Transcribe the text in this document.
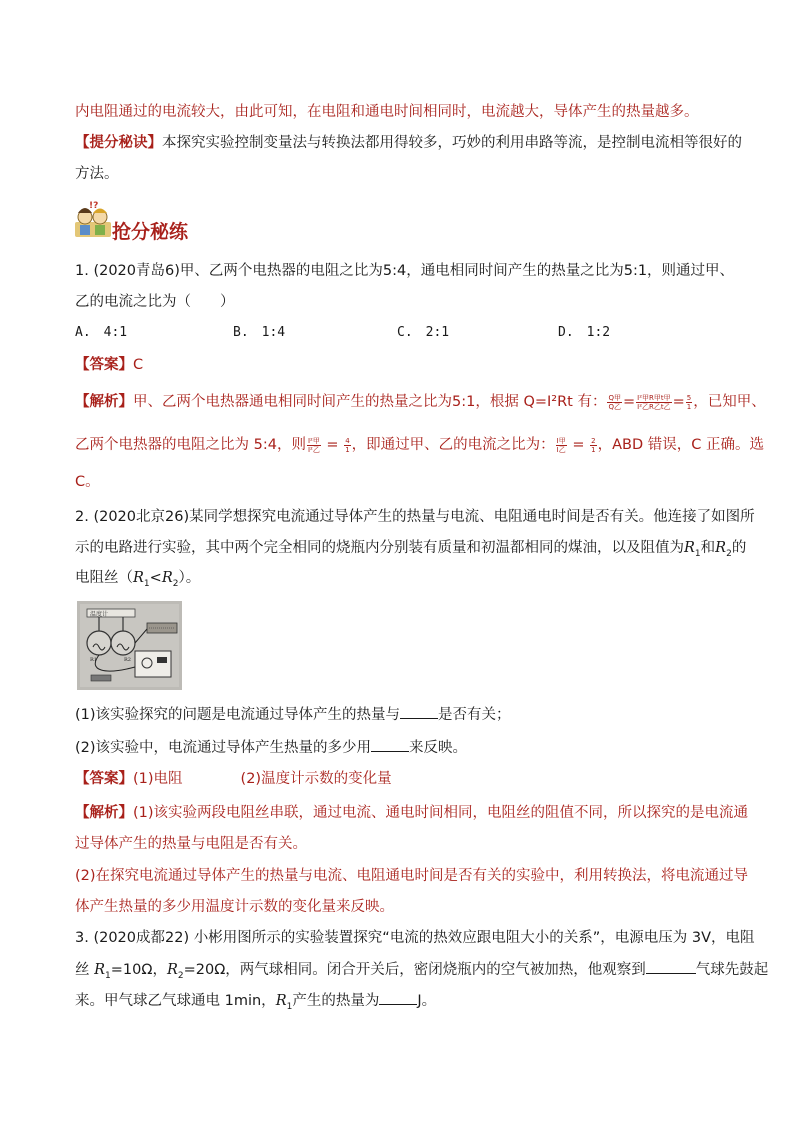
内电阻通过的电流较大，由此可知，在电阻和通电时间相同时，电流越大，导体产生的热量越多。
【提分秘诀】本探究实验控制变量法与转换法都用得较多，巧妙的利用串路等流，是控制电流相等很好的
方法。
!?
抢分秘练
1. (2020青岛6)甲、乙两个电热器的电阻之比为5:4，通电相同时间产生的热量之比为5:1，则通过甲、
乙的电流之比为（　　）
A.　4:1	B.　1:4	C.　2:1	D.　1:2
【答案】C
【解析】甲、乙两个电热器通电相同时间产生的热量之比为5:1，根据 Q=I²Rt 有： $\frac{\text{Q甲}}{\text{Q乙}} = \frac{\text{I²甲R甲t甲}}{\text{I²乙R乙t乙}} = \frac{5}{1}$ ，已知甲、
乙两个电热器的电阻之比为 5:4，则 $\frac{\text{I²甲}}{\text{I²乙}} = \frac{4}{1}$ ，即通过甲、乙的电流之比为： $\frac{\text{I甲}}{\text{I乙}} = \frac{2}{1}$ ，ABD 错误，C 正确。选
C。
2. (2020北京26)某同学想探究电流通过导体产生的热量与电流、电阻通电时间是否有关。他连接了如图所
示的电路进行实验，其中两个完全相同的烧瓶内分别装有质量和初温都相同的煤油，以及阻值为$R_1$和$R_2$的
电阻丝$(R_1<R_2)$。
温度计
R1	R2
(1)该实验探究的问题是电流通过导体产生的热量与	是否有关；
(2)该实验中，电流通过导体产生热量的多少用	来反映。
【答案】(1)电阻	(2)温度计示数的变化量
【解析】(1)该实验两段电阻丝串联，通过电流、通电时间相同，电阻丝的阻值不同，所以探究的是电流通
过导体产生的热量与电阻是否有关。
(2)在探究电流通过导体产生的热量与电流、电阻通电时间是否有关的实验中，利用转换法，将电流通过导
体产生热量的多少用温度计示数的变化量来反映。
3. (2020成都22) 小彬用图所示的实验装置探究“电流的热效应跟电阻大小的关系”，电源电压为 3V，电阻
丝 $R_1=10\Omega$，$R_2=20\Omega$，两气球相同。闭合开关后，密闭烧瓶内的空气被加热，他观察到	气球先鼓起
来。甲气球乙气球通电 1min，$R_1$产生的热量为	J。
